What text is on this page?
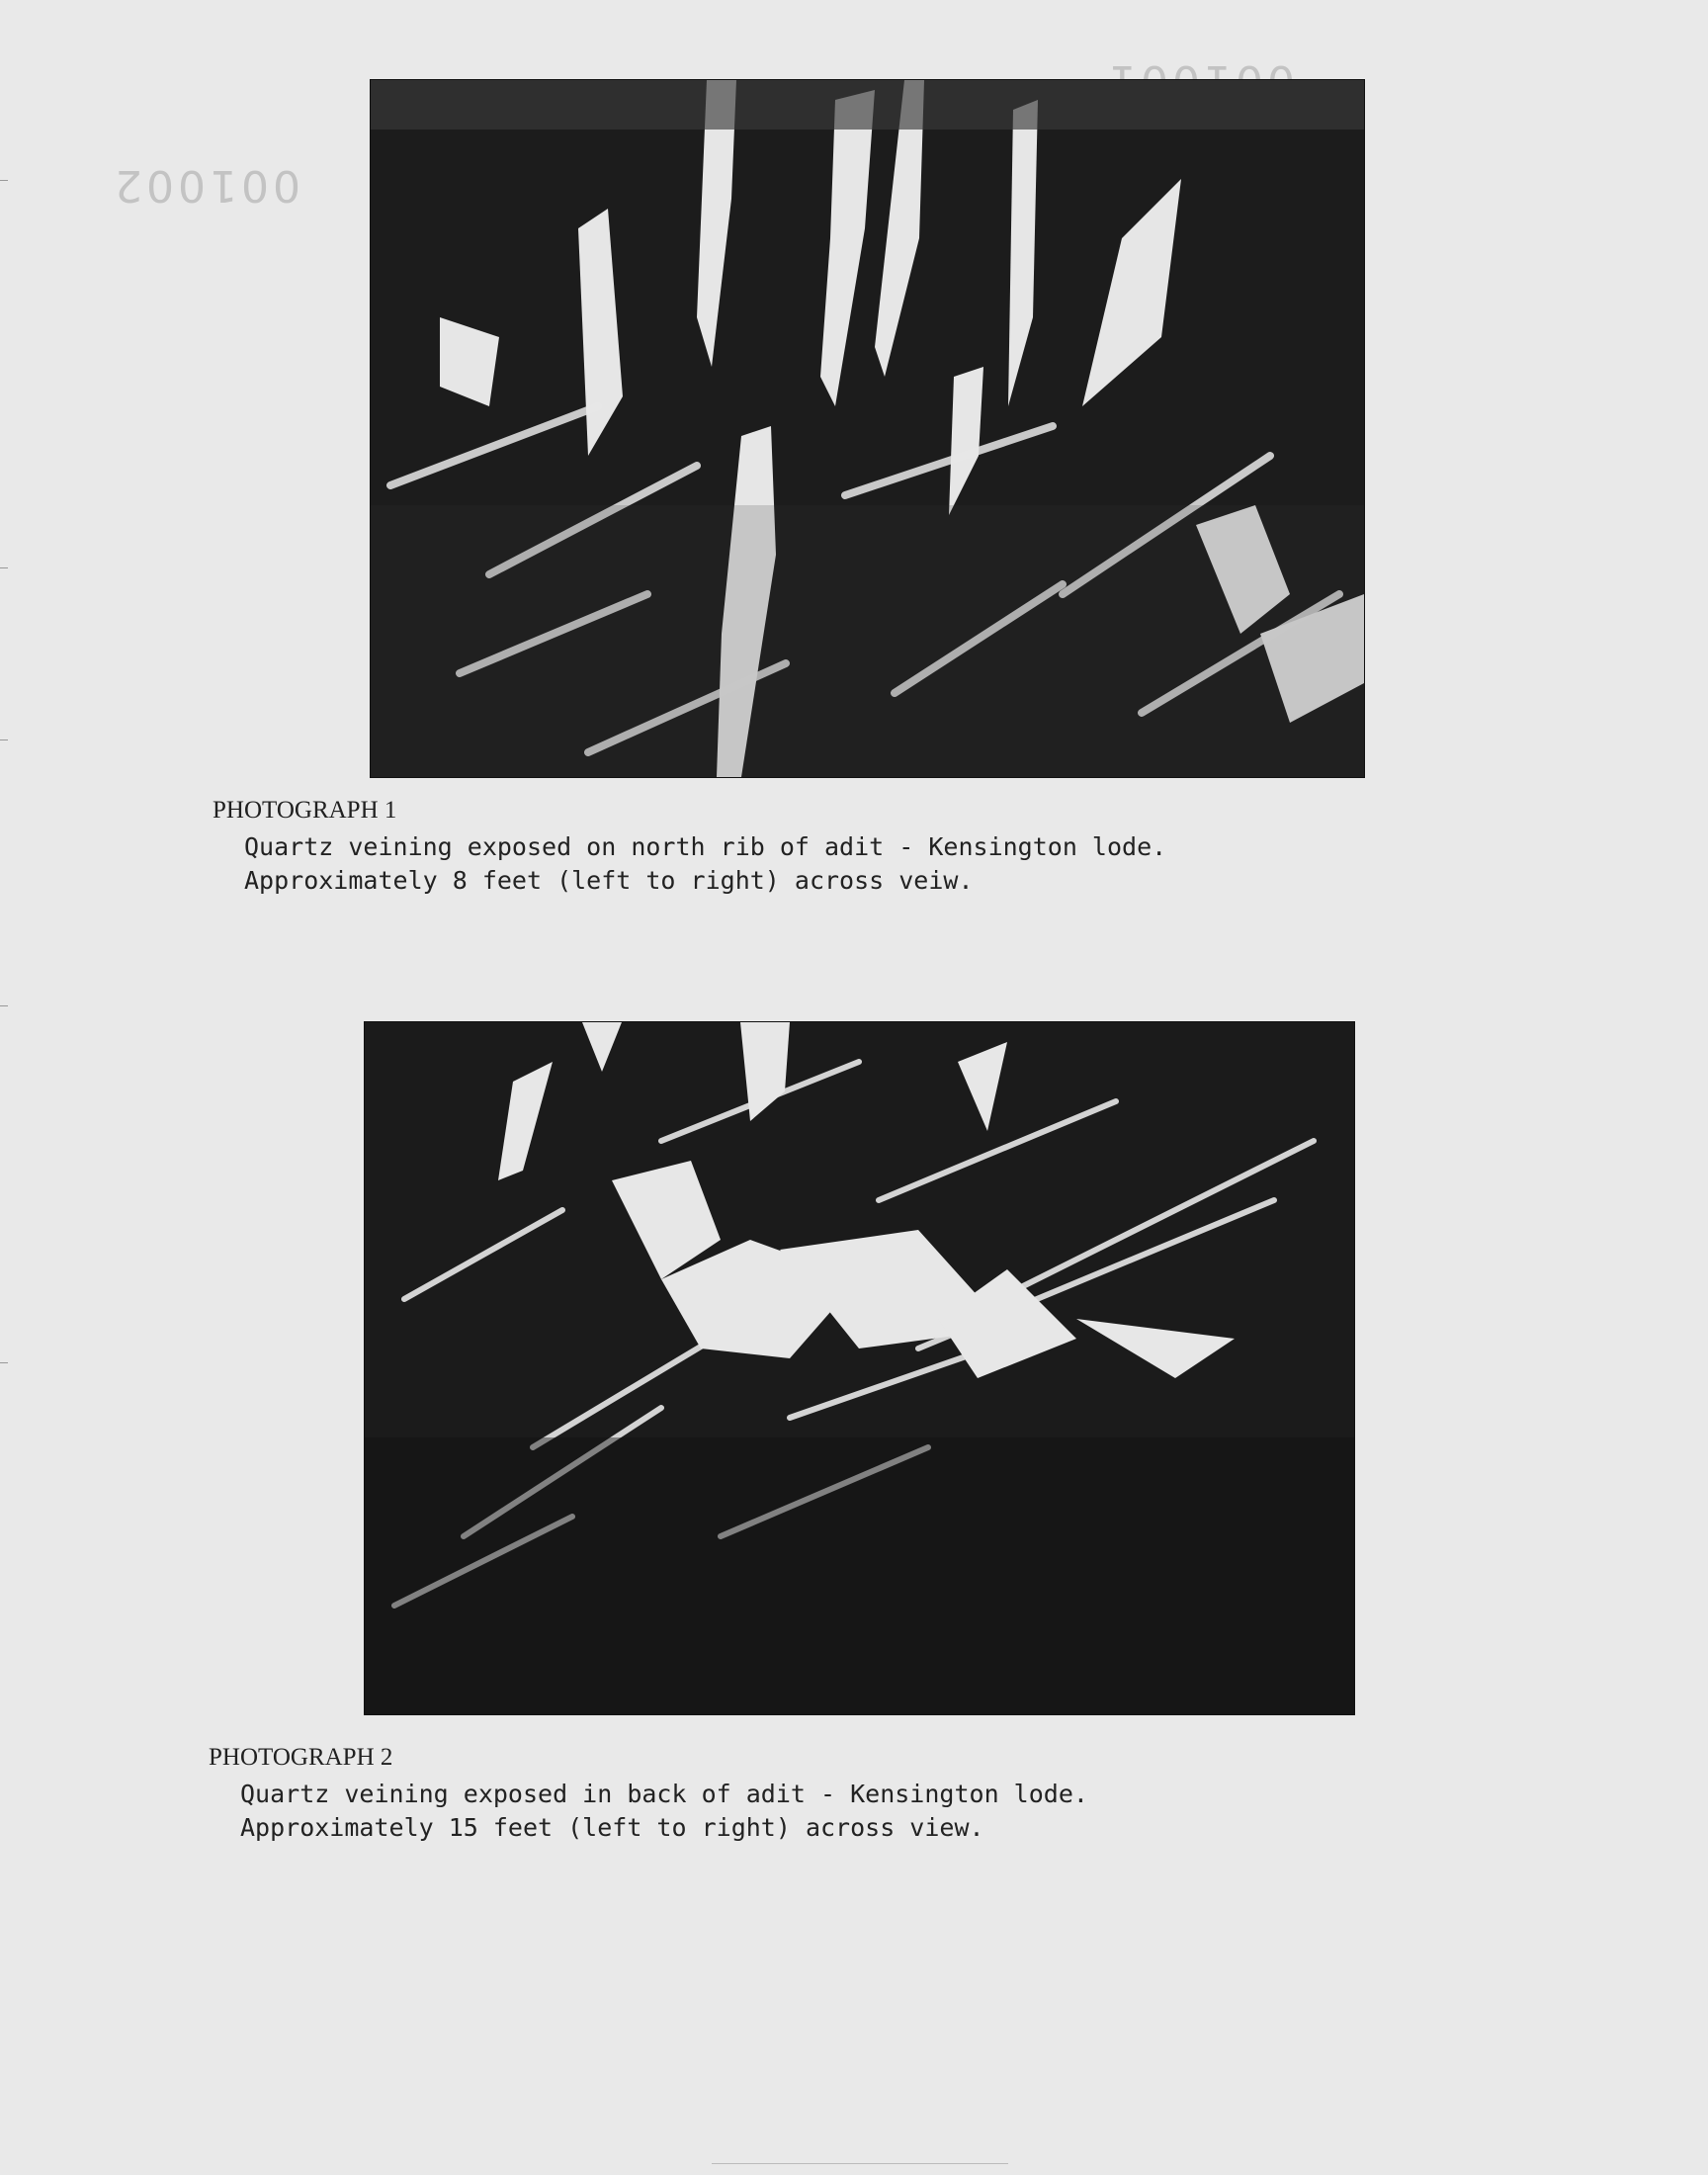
001002
PHOTOGRAPH 1
Quartz veining exposed on north rib of adit - Kensington lode.
Approximately 8 feet (left to right) across veiw.
PHOTOGRAPH 2
Quartz veining exposed in back of adit - Kensington lode.
Approximately 15 feet (left to right) across view.
